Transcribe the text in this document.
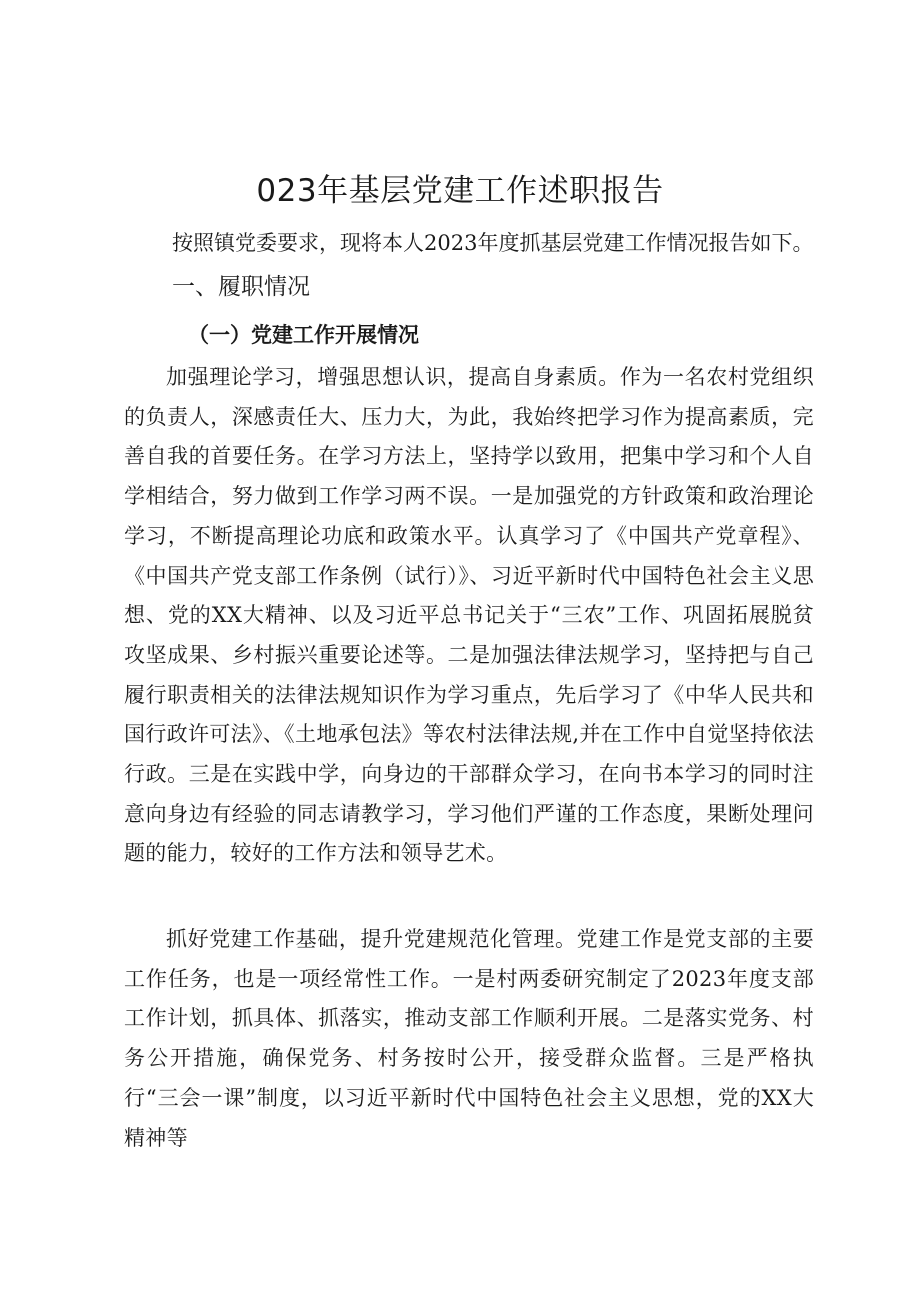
023年基层党建工作述职报告

按照镇党委要求，现将本人2023年度抓基层党建工作情况报告如下。

一、履职情况
（一）党建工作开展情况

加强理论学习，增强思想认识，提高自身素质。作为一名农村党组织的负责人，深感责任大、压力大，为此，我始终把学习作为提高素质，完善自我的首要任务。在学习方法上，坚持学以致用，把集中学习和个人自学相结合，努力做到工作学习两不误。一是加强党的方针政策和政治理论学习，不断提高理论功底和政策水平。认真学习了《中国共产党章程》、《中国共产党支部工作条例（试行）》、习近平新时代中国特色社会主义思想、党的XX大精神、以及习近平总书记关于“三农”工作、巩固拓展脱贫攻坚成果、乡村振兴重要论述等。二是加强法律法规学习，坚持把与自己履行职责相关的法律法规知识作为学习重点，先后学习了《中华人民共和国行政许可法》、《土地承包法》等农村法律法规,并在工作中自觉坚持依法行政。三是在实践中学，向身边的干部群众学习，在向书本学习的同时注意向身边有经验的同志请教学习，学习他们严谨的工作态度，果断处理问题的能力，较好的工作方法和领导艺术。

抓好党建工作基础，提升党建规范化管理。党建工作是党支部的主要工作任务，也是一项经常性工作。一是村两委研究制定了2023年度支部工作计划，抓具体、抓落实，推动支部工作顺利开展。二是落实党务、村务公开措施，确保党务、村务按时公开，接受群众监督。三是严格执行“三会一课”制度，以习近平新时代中国特色社会主义思想，党的XX大精神等
